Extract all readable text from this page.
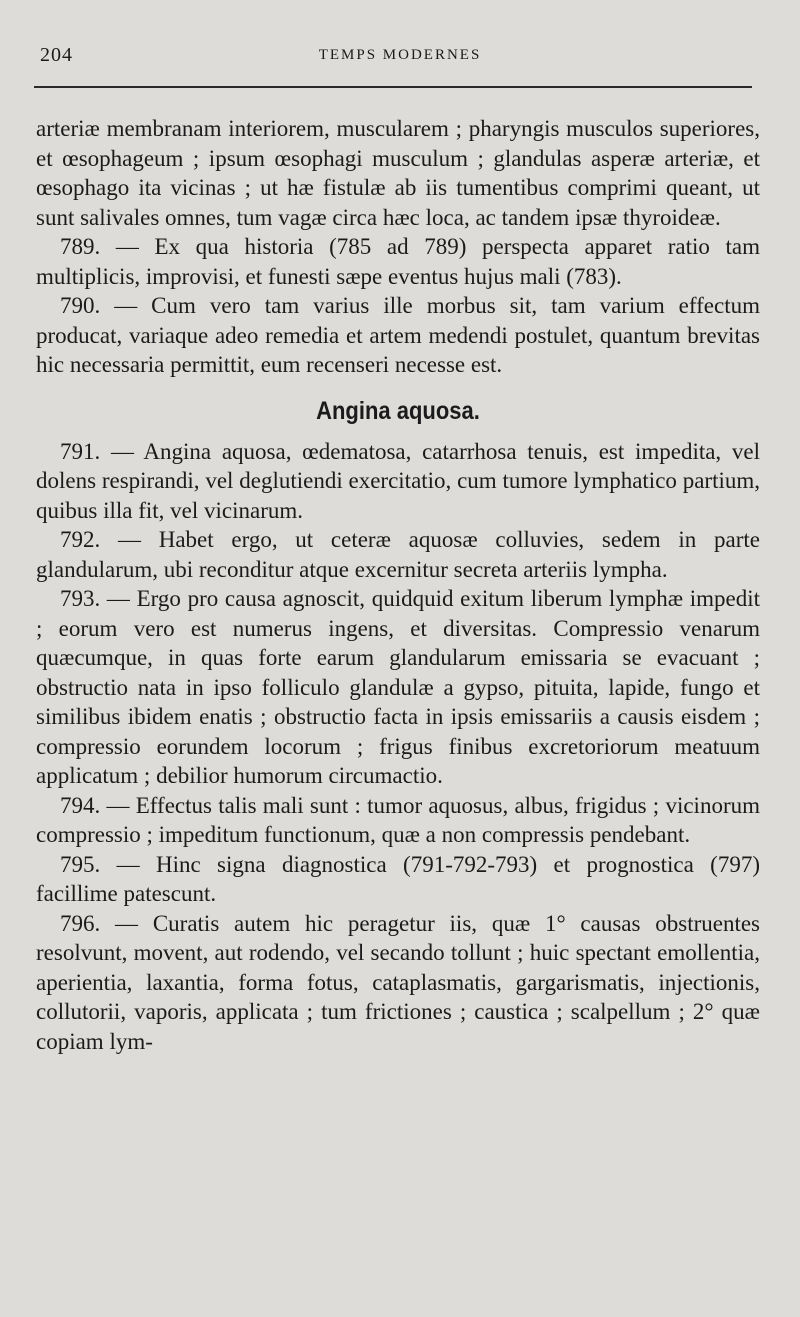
204	TEMPS MODERNES

arteriæ membranam interiorem, muscularem ; pharyngis musculos superiores, et œsophageum ; ipsum œsophagi musculum ; glandulas asperæ arteriæ, et œsophago ita vicinas ; ut hæ fistulæ ab iis tumentibus comprimi queant, ut sunt salivales omnes, tum vagæ circa hæc loca, ac tandem ipsæ thyroideæ.

789. — Ex qua historia (785 ad 789) perspecta apparet ratio tam multiplicis, improvisi, et funesti sæpe eventus hujus mali (783).

790. — Cum vero tam varius ille morbus sit, tam varium effectum producat, variaque adeo remedia et artem medendi postulet, quantum brevitas hic necessaria permittit, eum recenseri necesse est.

Angina aquosa.

791. — Angina aquosa, œdematosa, catarrhosa tenuis, est impedita, vel dolens respirandi, vel deglutiendi exercitatio, cum tumore lymphatico partium, quibus illa fit, vel vicinarum.

792. — Habet ergo, ut ceteræ aquosæ colluvies, sedem in parte glandularum, ubi reconditur atque excernitur secreta arteriis lympha.

793. — Ergo pro causa agnoscit, quidquid exitum liberum lymphæ impedit ; eorum vero est numerus ingens, et diversitas. Compressio venarum quæcumque, in quas forte earum glandularum emissaria se evacuant ; obstructio nata in ipso folliculo glandulæ a gypso, pituita, lapide, fungo et similibus ibidem enatis ; obstructio facta in ipsis emissariis a causis eisdem ; compressio eorundem locorum ; frigus finibus excretoriorum meatuum applicatum ; debilior humorum circumactio.

794. — Effectus talis mali sunt : tumor aquosus, albus, frigidus ; vicinorum compressio ; impeditum functionum, quæ a non compressis pendebant.

795. — Hinc signa diagnostica (791-792-793) et prognostica (797) facillime patescunt.

796. — Curatis autem hic peragetur iis, quæ 1° causas obstruentes resolvunt, movent, aut rodendo, vel secando tollunt ; huic spectant emollentia, aperientia, laxantia, forma fotus, cataplasmatis, gargarismatis, injectionis, collutorii, vaporis, applicata ; tum frictiones ; caustica ; scalpellum ; 2° quæ copiam lym-
